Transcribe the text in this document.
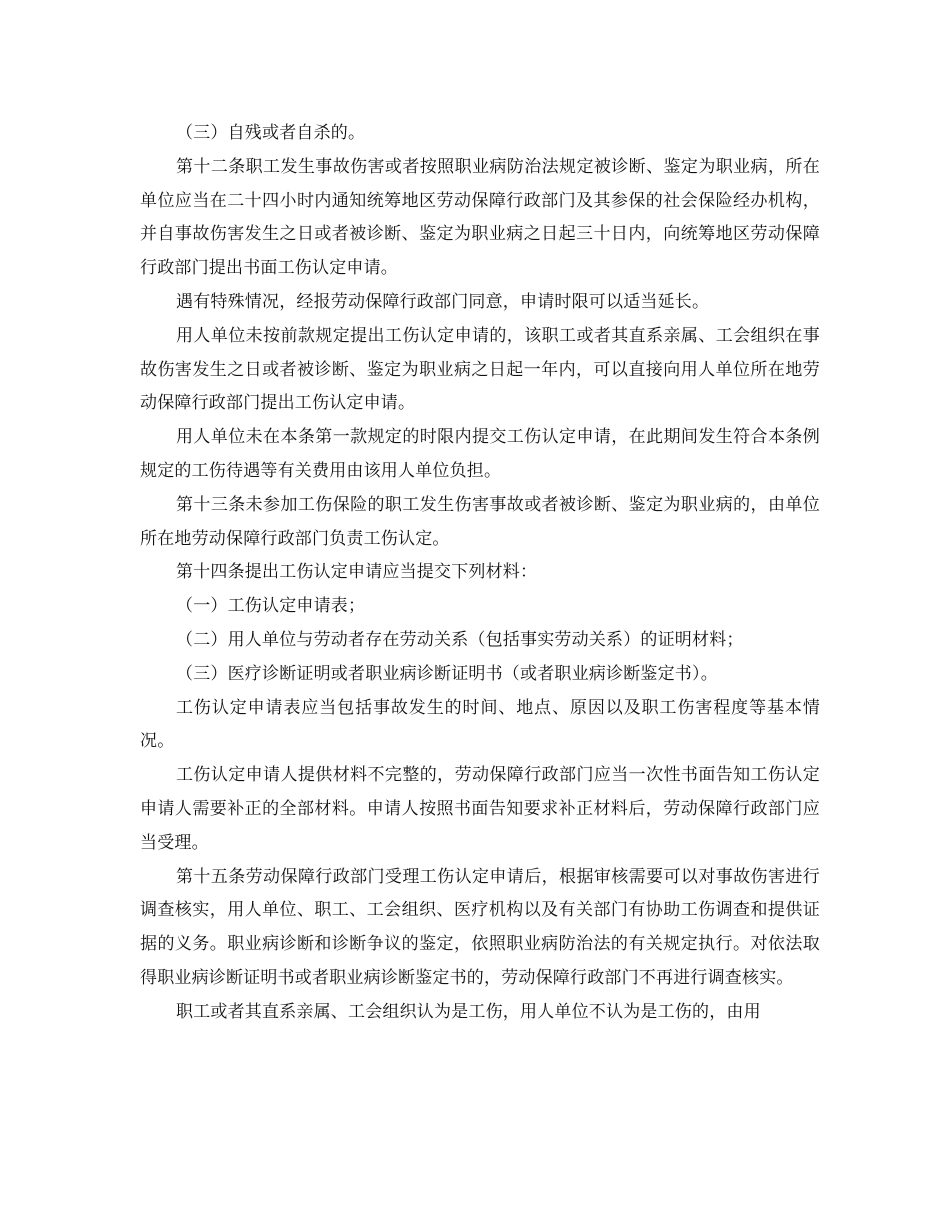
（三）自残或者自杀的。

第十二条职工发生事故伤害或者按照职业病防治法规定被诊断、鉴定为职业病，所在单位应当在二十四小时内通知统筹地区劳动保障行政部门及其参保的社会保险经办机构，并自事故伤害发生之日或者被诊断、鉴定为职业病之日起三十日内，向统筹地区劳动保障行政部门提出书面工伤认定申请。

遇有特殊情况，经报劳动保障行政部门同意，申请时限可以适当延长。

用人单位未按前款规定提出工伤认定申请的，该职工或者其直系亲属、工会组织在事故伤害发生之日或者被诊断、鉴定为职业病之日起一年内，可以直接向用人单位所在地劳动保障行政部门提出工伤认定申请。

用人单位未在本条第一款规定的时限内提交工伤认定申请，在此期间发生符合本条例规定的工伤待遇等有关费用由该用人单位负担。

第十三条未参加工伤保险的职工发生伤害事故或者被诊断、鉴定为职业病的，由单位所在地劳动保障行政部门负责工伤认定。

第十四条提出工伤认定申请应当提交下列材料：

（一）工伤认定申请表；

（二）用人单位与劳动者存在劳动关系（包括事实劳动关系）的证明材料；

（三）医疗诊断证明或者职业病诊断证明书（或者职业病诊断鉴定书）。

工伤认定申请表应当包括事故发生的时间、地点、原因以及职工伤害程度等基本情况。

工伤认定申请人提供材料不完整的，劳动保障行政部门应当一次性书面告知工伤认定申请人需要补正的全部材料。申请人按照书面告知要求补正材料后，劳动保障行政部门应当受理。

第十五条劳动保障行政部门受理工伤认定申请后，根据审核需要可以对事故伤害进行调查核实，用人单位、职工、工会组织、医疗机构以及有关部门有协助工伤调查和提供证据的义务。职业病诊断和诊断争议的鉴定，依照职业病防治法的有关规定执行。对依法取得职业病诊断证明书或者职业病诊断鉴定书的，劳动保障行政部门不再进行调查核实。

职工或者其直系亲属、工会组织认为是工伤，用人单位不认为是工伤的，由用
